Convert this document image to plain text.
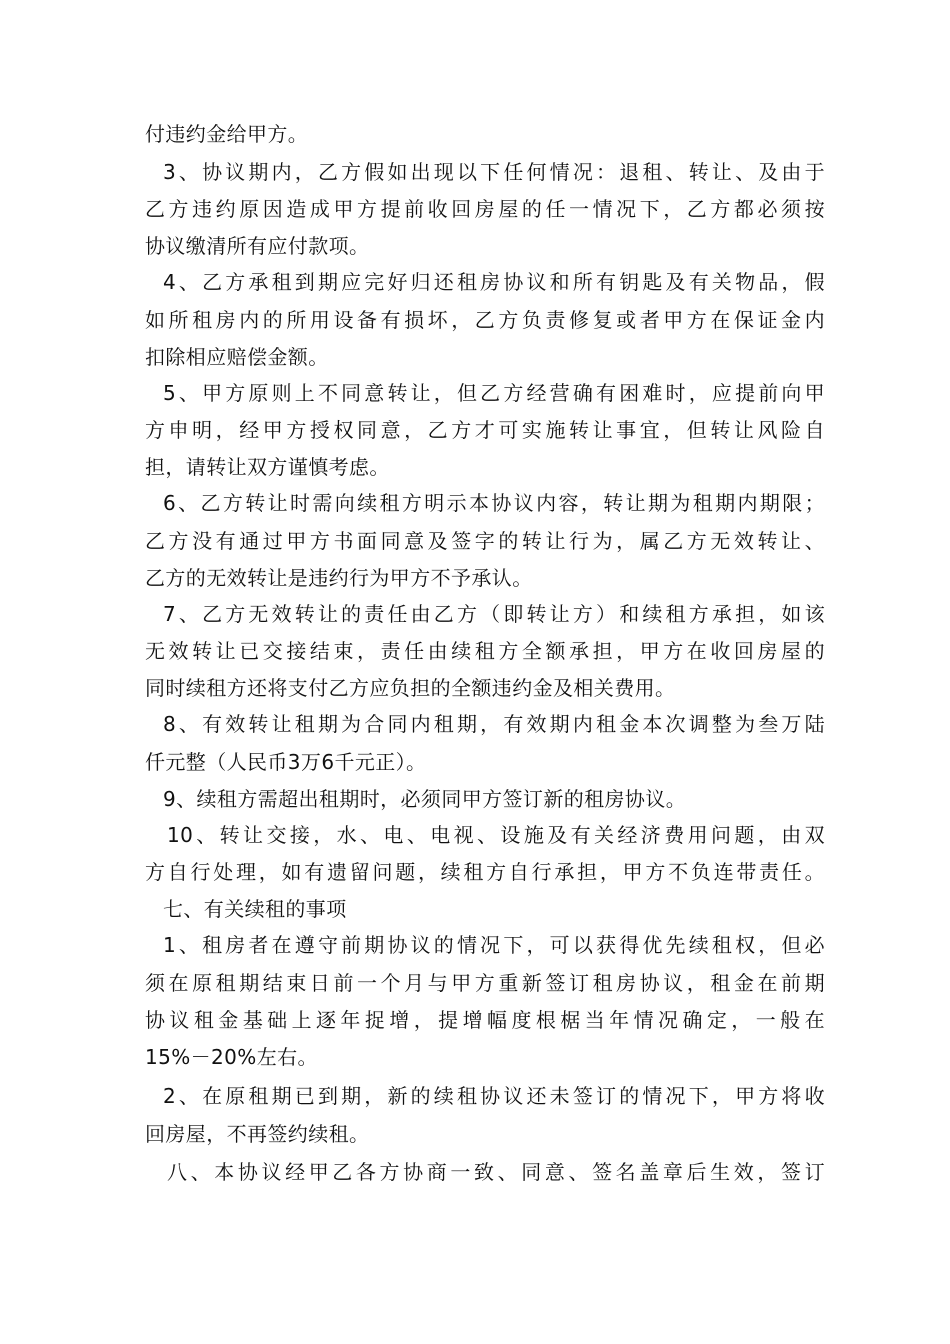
付违约金给甲方。
3、协议期内，乙方假如出现以下任何情况：退租、转让、及由于
乙方违约原因造成甲方提前收回房屋的任一情况下，乙方都必须按
协议缴清所有应付款项。
4、乙方承租到期应完好归还租房协议和所有钥匙及有关物品，假
如所租房内的所用设备有损坏，乙方负责修复或者甲方在保证金内
扣除相应赔偿金额。
5、甲方原则上不同意转让，但乙方经营确有困难时，应提前向甲
方申明，经甲方授权同意，乙方才可实施转让事宜，但转让风险自
担，请转让双方谨慎考虑。
6、乙方转让时需向续租方明示本协议内容，转让期为租期内期限；
乙方没有通过甲方书面同意及签字的转让行为，属乙方无效转让、
乙方的无效转让是违约行为甲方不予承认。
7、乙方无效转让的责任由乙方（即转让方）和续租方承担，如该
无效转让已交接结束，责任由续租方全额承担，甲方在收回房屋的
同时续租方还将支付乙方应负担的全额违约金及相关费用。
8、有效转让租期为合同内租期，有效期内租金本次调整为叁万陆
仟元整（人民币3万6千元正）。
9、续租方需超出租期时，必须同甲方签订新的租房协议。
10、转让交接，水、电、电视、设施及有关经济费用问题，由双
方自行处理，如有遗留问题，续租方自行承担，甲方不负连带责任。
七、有关续租的事项
1、租房者在遵守前期协议的情况下，可以获得优先续租权，但必
须在原租期结束日前一个月与甲方重新签订租房协议，租金在前期
协议租金基础上逐年捉增，提增幅度根椐当年情况确定，一般在
15%－20%左右。
2、在原租期已到期，新的续租协议还未签订的情况下，甲方将收
回房屋，不再签约续租。
八、本协议经甲乙各方协商一致、同意、签名盖章后生效，签订
